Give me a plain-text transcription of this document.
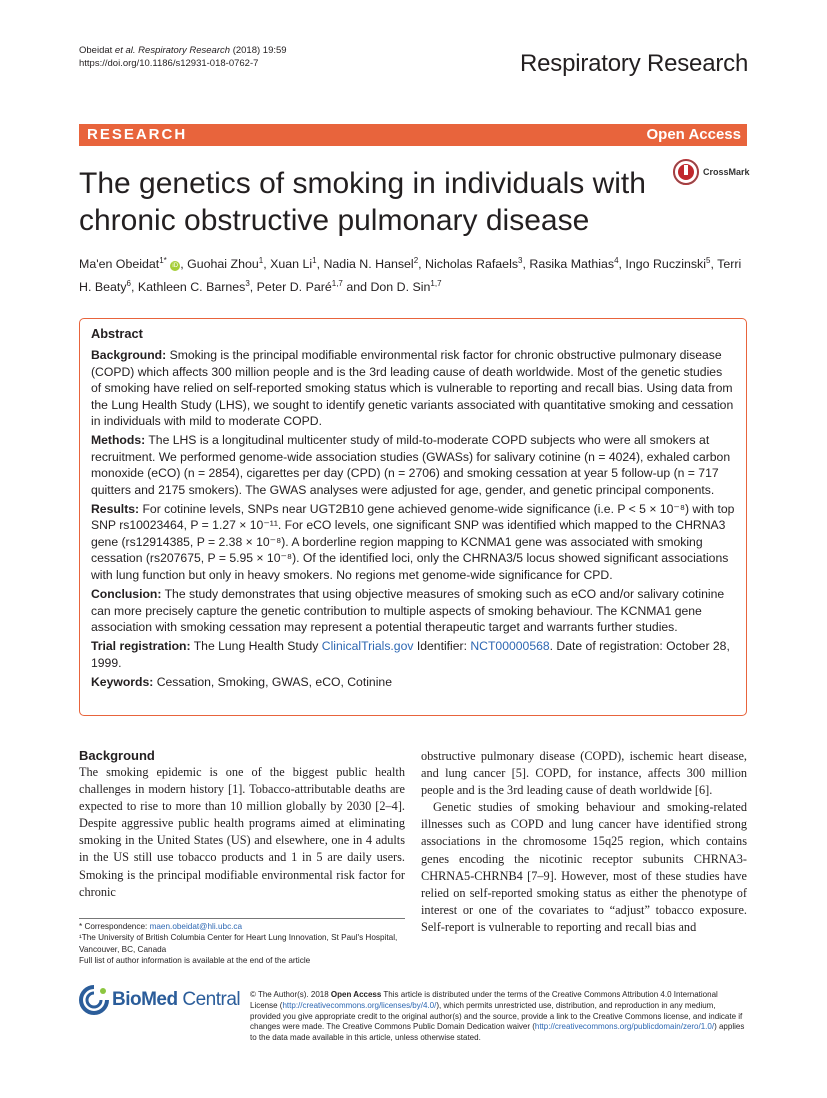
Obeidat et al. Respiratory Research (2018) 19:59
https://doi.org/10.1186/s12931-018-0762-7	Respiratory Research
RESEARCH	Open Access
The genetics of smoking in individuals with chronic obstructive pulmonary disease
CrossMark
Ma'en Obeidat$^{1*}$ iD , Guohai Zhou$^1$, Xuan Li$^1$, Nadia N. Hansel$^2$, Nicholas Rafaels$^3$, Rasika Mathias$^4$, Ingo Ruczinski$^5$, Terri H. Beaty$^6$, Kathleen C. Barnes$^3$, Peter D. Paré$^{1,7}$ and Don D. Sin$^{1,7}$
Abstract

Background: Smoking is the principal modifiable environmental risk factor for chronic obstructive pulmonary disease (COPD) which affects 300 million people and is the 3rd leading cause of death worldwide. Most of the genetic studies of smoking have relied on self-reported smoking status which is vulnerable to reporting and recall bias. Using data from the Lung Health Study (LHS), we sought to identify genetic variants associated with quantitative smoking and cessation in individuals with mild to moderate COPD.

Methods: The LHS is a longitudinal multicenter study of mild-to-moderate COPD subjects who were all smokers at recruitment. We performed genome-wide association studies (GWASs) for salivary cotinine (n = 4024), exhaled carbon monoxide (eCO) (n = 2854), cigarettes per day (CPD) (n = 2706) and smoking cessation at year 5 follow-up (n = 717 quitters and 2175 smokers). The GWAS analyses were adjusted for age, gender, and genetic principal components.

Results: For cotinine levels, SNPs near UGT2B10 gene achieved genome-wide significance (i.e. P < 5 × 10⁻⁸) with top SNP rs10023464, P = 1.27 × 10⁻¹¹. For eCO levels, one significant SNP was identified which mapped to the CHRNA3 gene (rs12914385, P = 2.38 × 10⁻⁸). A borderline region mapping to KCNMA1 gene was associated with smoking cessation (rs207675, P = 5.95 × 10⁻⁸). Of the identified loci, only the CHRNA3/5 locus showed significant associations with lung function but only in heavy smokers. No regions met genome-wide significance for CPD.

Conclusion: The study demonstrates that using objective measures of smoking such as eCO and/or salivary cotinine can more precisely capture the genetic contribution to multiple aspects of smoking behaviour. The KCNMA1 gene association with smoking cessation may represent a potential therapeutic target and warrants further studies.

Trial registration: The Lung Health Study ClinicalTrials.gov Identifier: NCT00000568. Date of registration: October 28, 1999.

Keywords: Cessation, Smoking, GWAS, eCO, Cotinine

Background

The smoking epidemic is one of the biggest public health challenges in modern history [1]. Tobacco-attributable deaths are expected to rise to more than 10 million globally by 2030 [2–4]. Despite aggressive public health programs aimed at eliminating smoking in the United States (US) and elsewhere, one in 4 adults in the US still use tobacco products and 1 in 5 are daily users. Smoking is the principal modifiable environmental risk factor for chronic

obstructive pulmonary disease (COPD), ischemic heart disease, and lung cancer [5]. COPD, for instance, affects 300 million people and is the 3rd leading cause of death worldwide [6].

Genetic studies of smoking behaviour and smoking-related illnesses such as COPD and lung cancer have identified strong associations in the chromosome 15q25 region, which contains genes encoding the nicotinic receptor subunits CHRNA3-CHRNA5-CHRNB4 [7–9]. However, most of these studies have relied on self-reported smoking status as either the phenotype of interest or one of the covariates to “adjust” tobacco exposure. Self-report is vulnerable to reporting and recall bias and

* Correspondence: maen.obeidat@hli.ubc.ca
¹The University of British Columbia Center for Heart Lung Innovation, St Paul's Hospital, Vancouver, BC, Canada
Full list of author information is available at the end of the article
BioMed Central © The Author(s). 2018 Open Access This article is distributed under the terms of the Creative Commons Attribution 4.0 International License (http://creativecommons.org/licenses/by/4.0/), which permits unrestricted use, distribution, and reproduction in any medium, provided you give appropriate credit to the original author(s) and the source, provide a link to the Creative Commons license, and indicate if changes were made. The Creative Commons Public Domain Dedication waiver (http://creativecommons.org/publicdomain/zero/1.0/) applies to the data made available in this article, unless otherwise stated.
